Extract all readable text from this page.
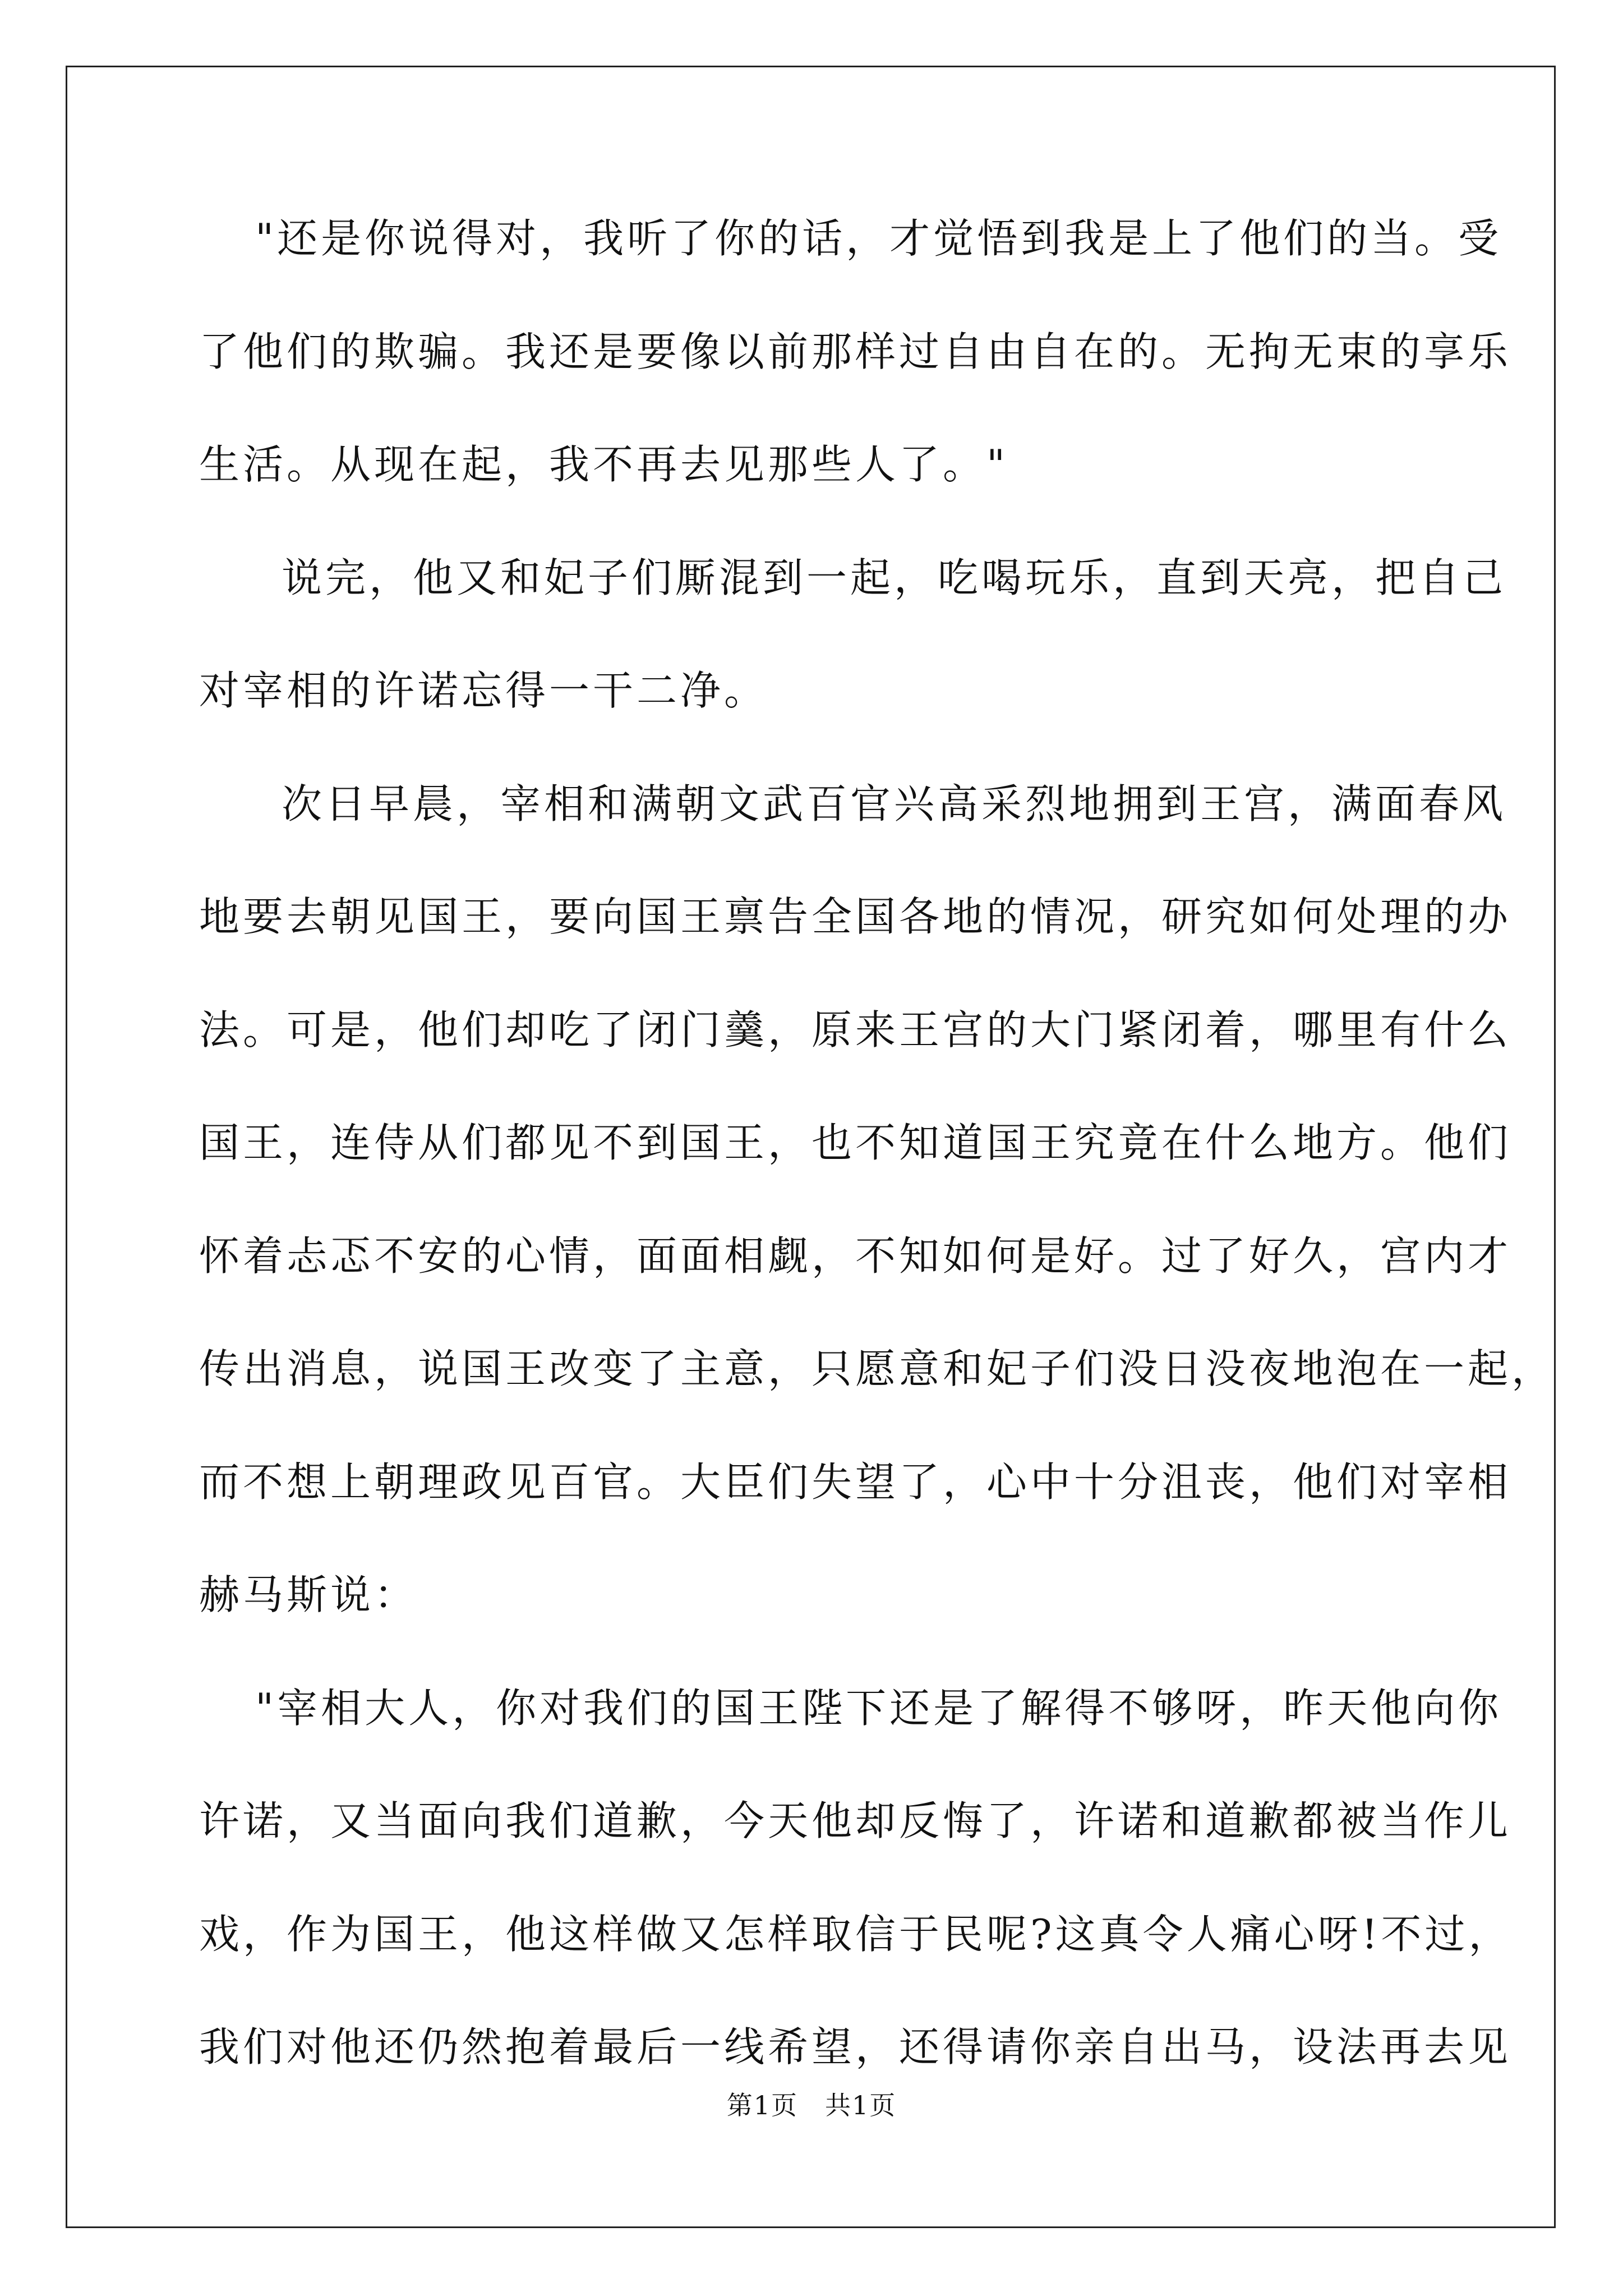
"还是你说得对，我听了你的话，才觉悟到我是上了他们的当。受
了他们的欺骗。我还是要像以前那样过自由自在的。无拘无束的享乐
生活。从现在起，我不再去见那些人了。"
说完，他又和妃子们厮混到一起，吃喝玩乐，直到天亮，把自己
对宰相的许诺忘得一干二净。
次日早晨，宰相和满朝文武百官兴高采烈地拥到王宫，满面春风
地要去朝见国王，要向国王禀告全国各地的情况，研究如何处理的办
法。可是，他们却吃了闭门羹，原来王宫的大门紧闭着，哪里有什么
国王，连侍从们都见不到国王，也不知道国王究竟在什么地方。他们
怀着忐忑不安的心情，面面相觑，不知如何是好。过了好久，宫内才
传出消息，说国王改变了主意，只愿意和妃子们没日没夜地泡在一起，
而不想上朝理政见百官。大臣们失望了，心中十分沮丧，他们对宰相
赫马斯说：
"宰相大人，你对我们的国王陛下还是了解得不够呀，昨天他向你
许诺，又当面向我们道歉，今天他却反悔了，许诺和道歉都被当作儿
戏，作为国王，他这样做又怎样取信于民呢?这真令人痛心呀!不过，
我们对他还仍然抱着最后一线希望，还得请你亲自出马，设法再去见
第1页　共1页
